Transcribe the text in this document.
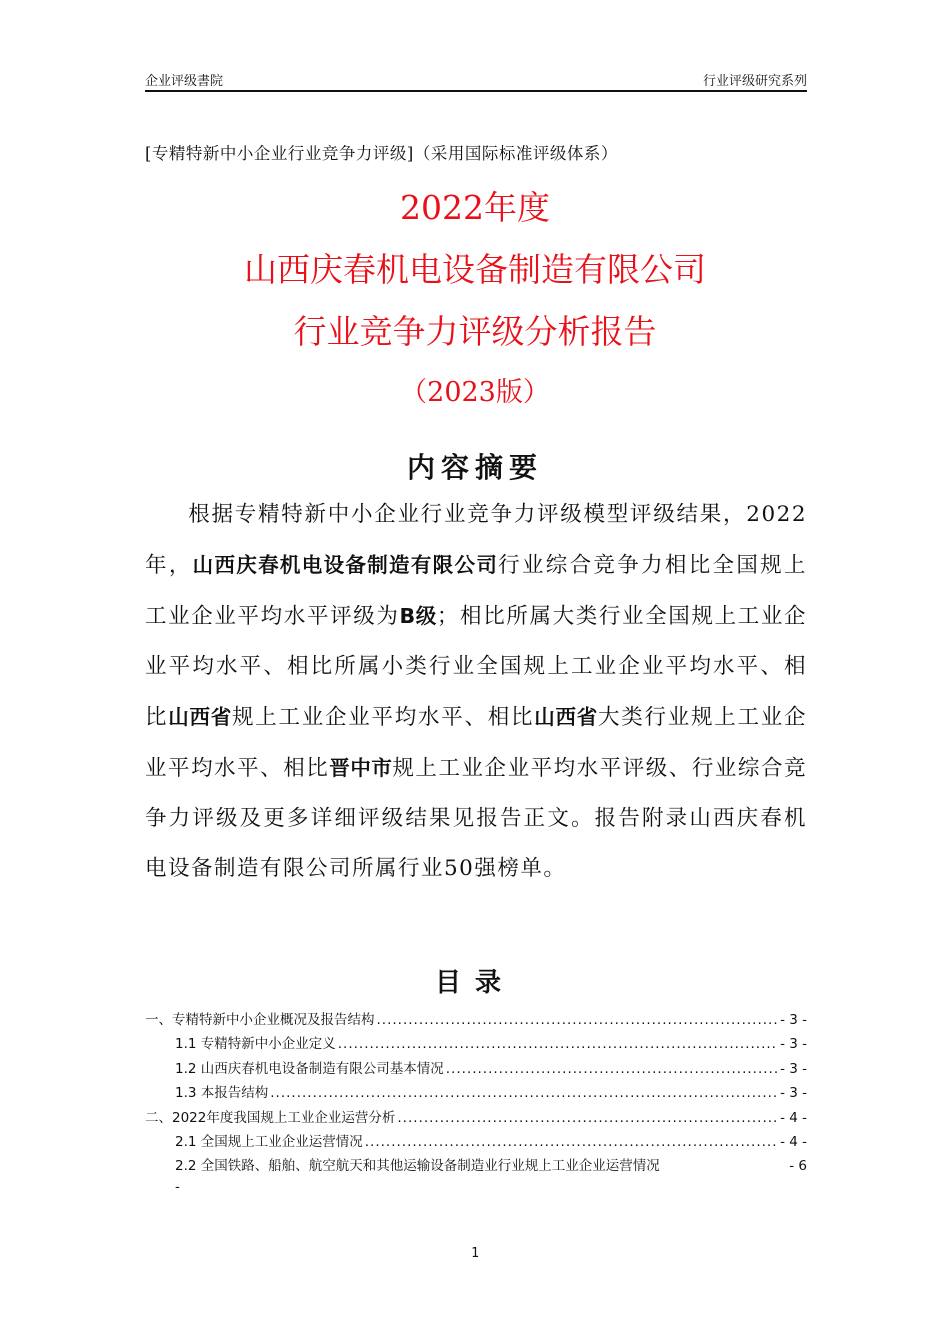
企业评级書院	行业评级研究系列
[专精特新中小企业行业竞争力评级]（采用国际标准评级体系）
2022年度
山西庆春机电设备制造有限公司
行业竞争力评级分析报告
（2023版）
内容摘要
根据专精特新中小企业行业竞争力评级模型评级结果，2022年，山西庆春机电设备制造有限公司行业综合竞争力相比全国规上工业企业平均水平评级为B级；相比所属大类行业全国规上工业企业平均水平、相比所属小类行业全国规上工业企业平均水平、相比山西省规上工业企业平均水平、相比山西省大类行业规上工业企业平均水平、相比晋中市规上工业企业平均水平评级、行业综合竞争力评级及更多详细评级结果见报告正文。报告附录山西庆春机电设备制造有限公司所属行业50强榜单。
目录
一、专精特新中小企业概况及报告结构 .....	- 3 -
1.1 专精特新中小企业定义 .....	- 3 -
1.2 山西庆春机电设备制造有限公司基本情况 .....	- 3 -
1.3 本报告结构 .....	- 3 -
二、2022年度我国规上工业企业运营分析 .....	- 4 -
2.1 全国规上工业企业运营情况 .....	- 4 -
2.2 全国铁路、船舶、航空航天和其他运输设备制造业行业规上工业企业运营情况	- 6
-
1
